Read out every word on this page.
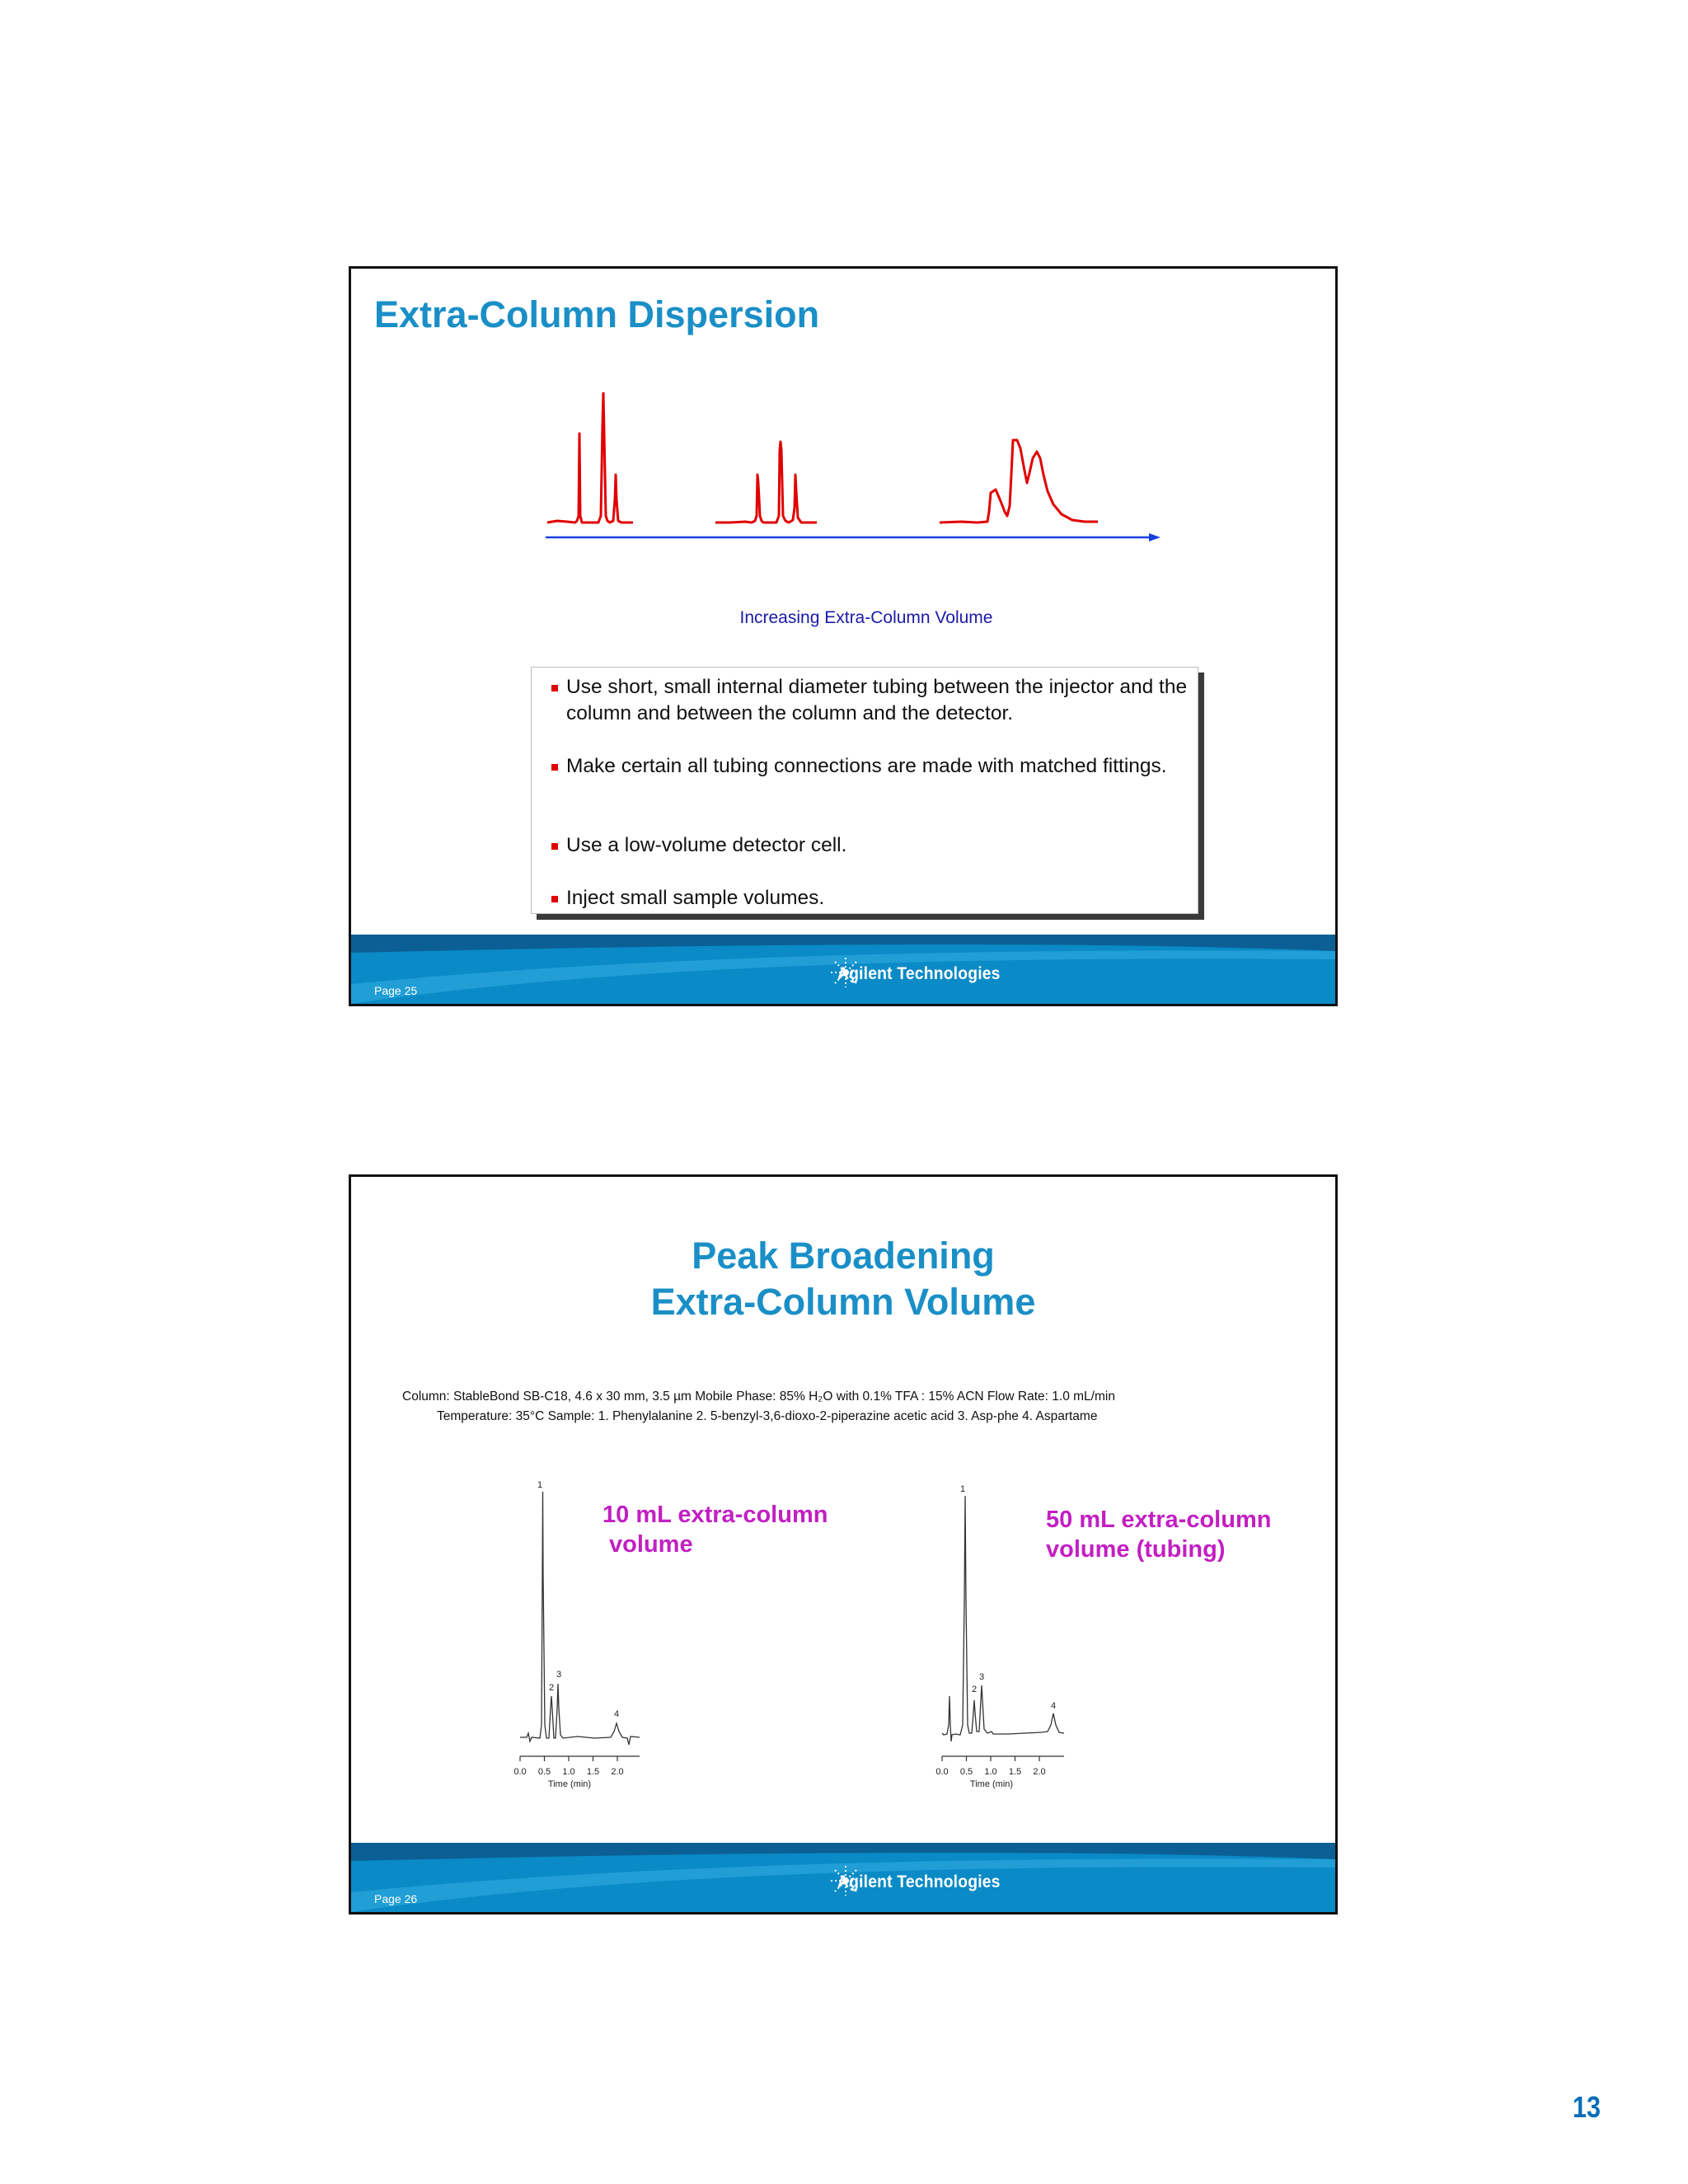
Extra-Column Dispersion
Increasing Extra-Column Volume
Use short, small internal diameter tubing between the injector and the column and between the column and the detector.
Make certain all tubing connections are made with matched fittings.
Use a low-volume detector cell.
Inject small sample volumes.
Page 25
Agilent Technologies
Peak Broadening
Extra-Column Volume
Column: StableBond SB-C18, 4.6 x 30 mm, 3.5 µm Mobile Phase: 85% H₂O with 0.1% TFA : 15% ACN Flow Rate: 1.0 mL/min
Temperature: 35°C Sample: 1. Phenylalanine 2. 5-benzyl-3,6-dioxo-2-piperazine acetic acid 3. Asp-phe 4. Aspartame
0.0 0.5 1.0 1.5 2.0
Time (min)
1
2
3
4
10 mL extra-column
volume
0.0 0.5 1.0 1.5 2.0
Time (min)
1
2
3
4
50 mL extra-column
volume (tubing)
Page 26
Agilent Technologies
13
